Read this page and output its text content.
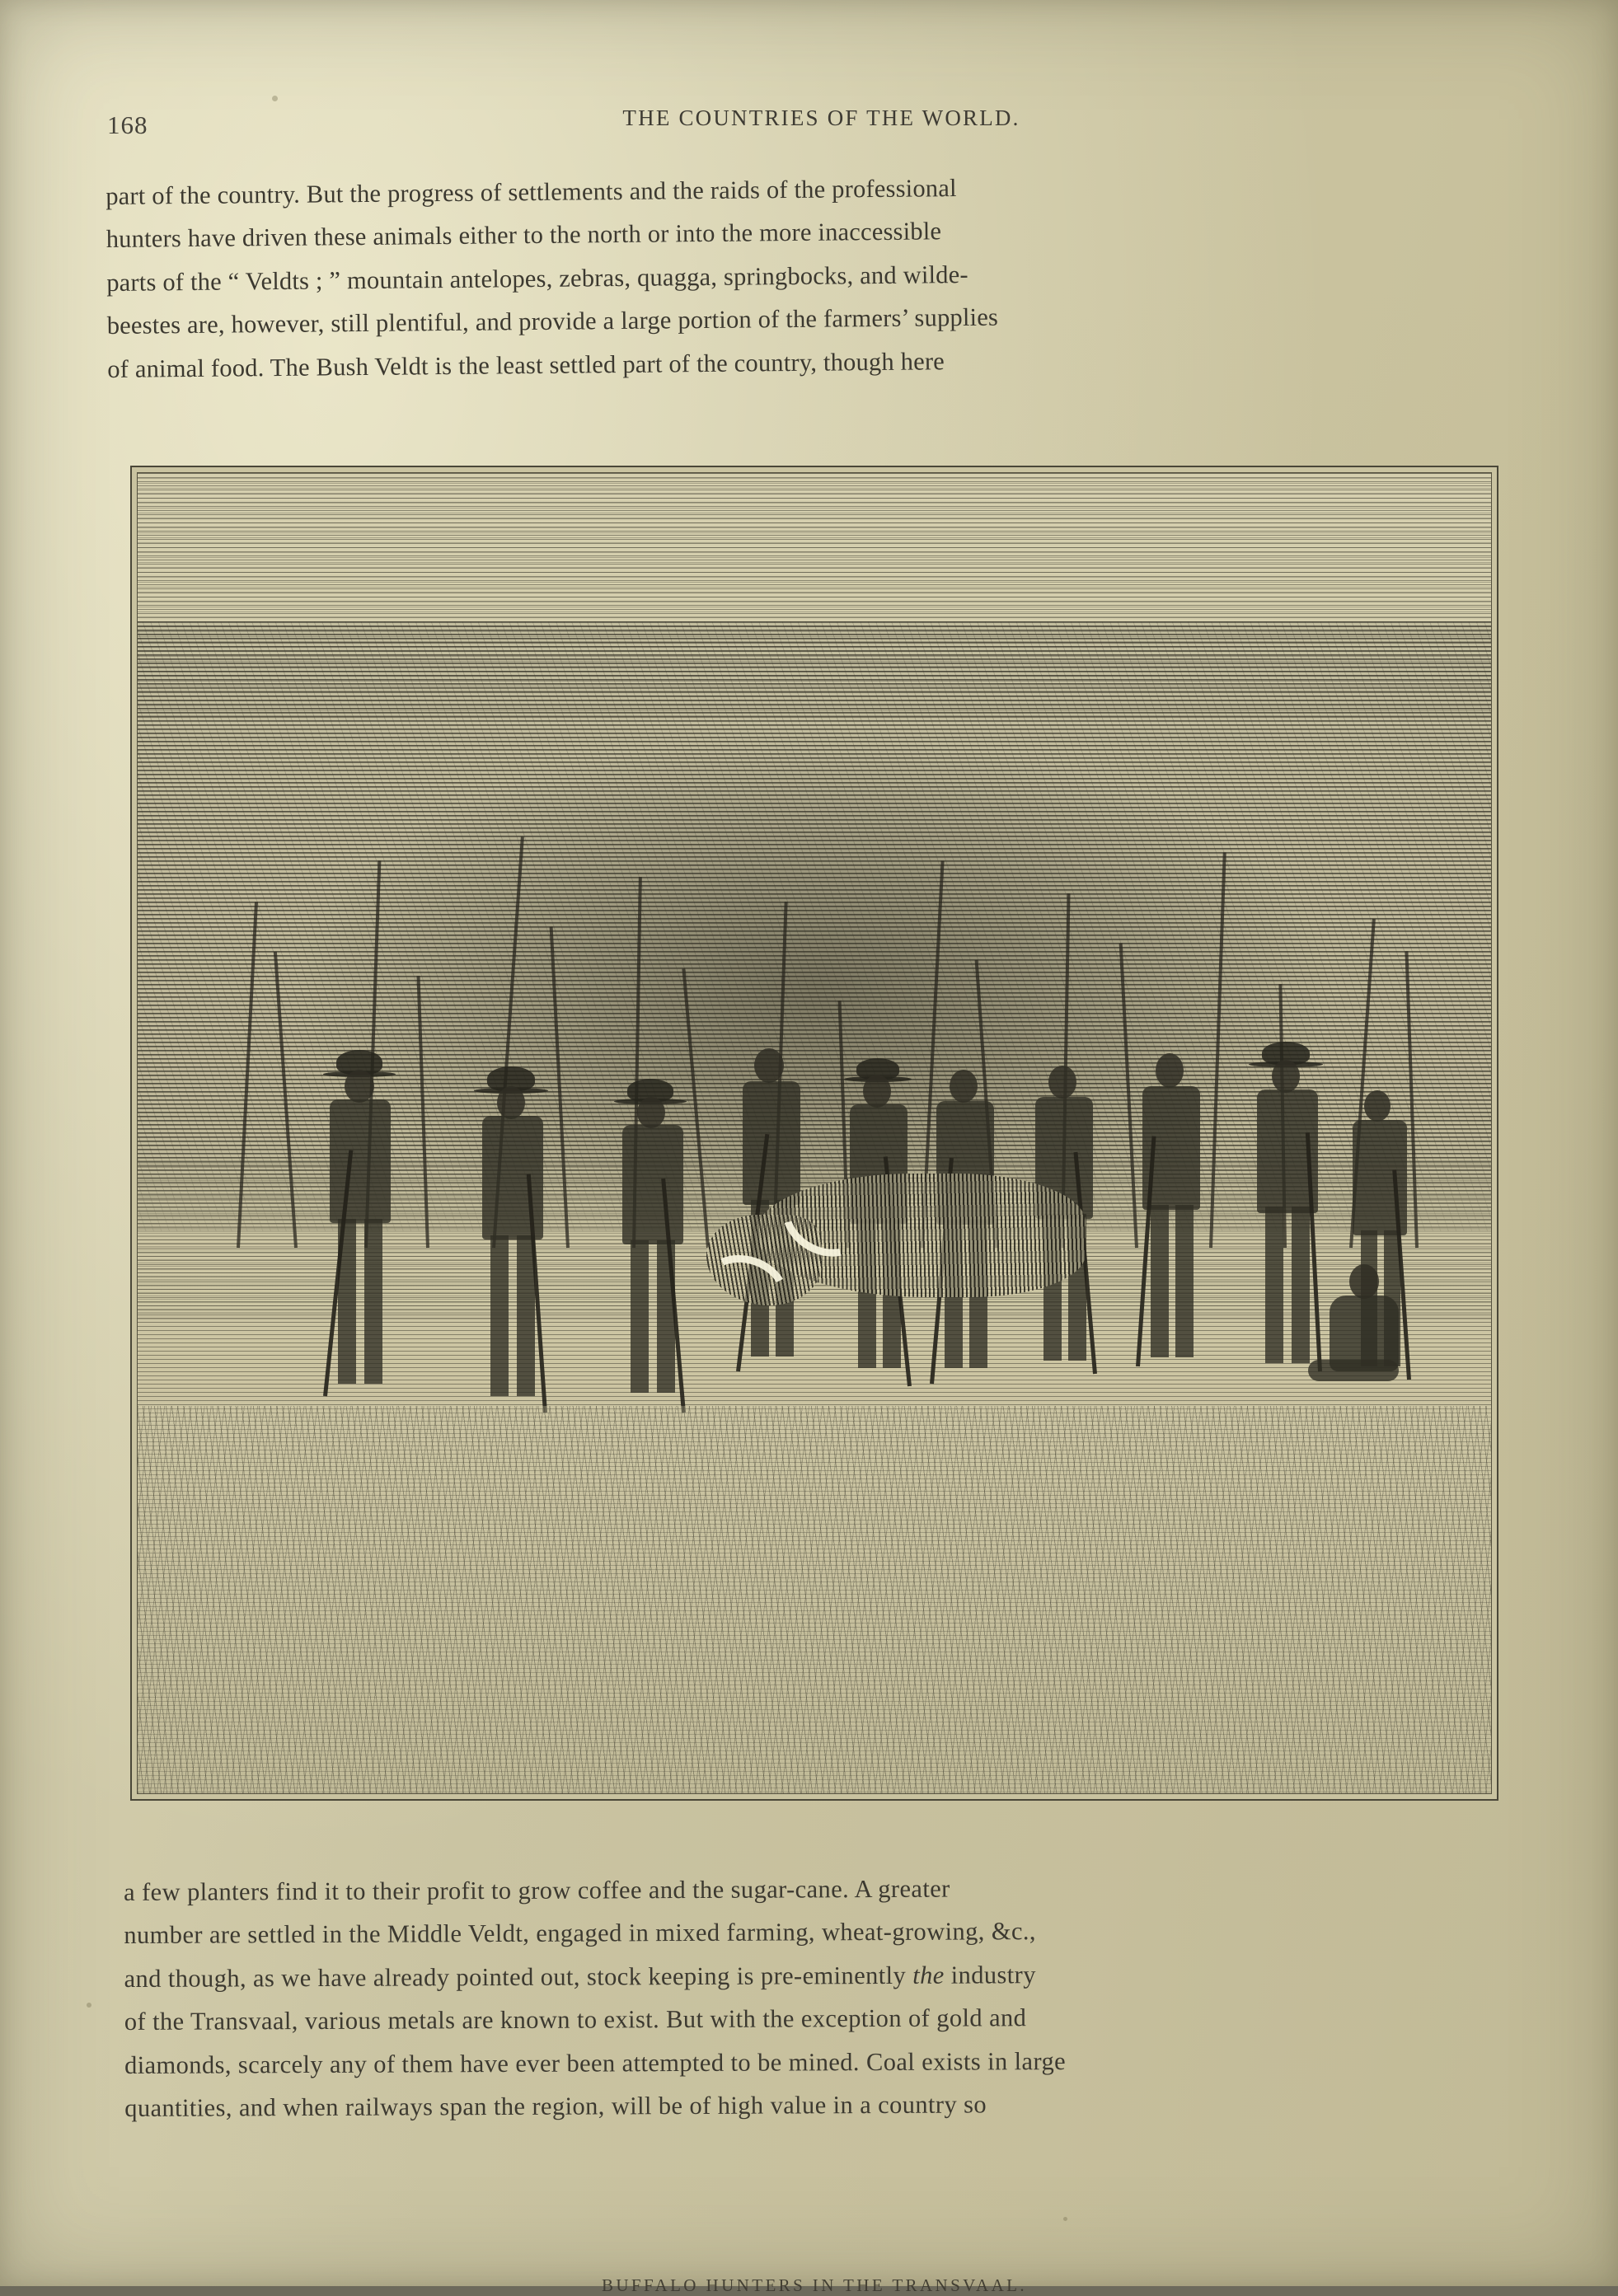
168	THE COUNTRIES OF THE WORLD.

part of the country. But the progress of settlements and the raids of the professional
hunters have driven these animals either to the north or into the more inaccessible
parts of the “ Veldts ; ” mountain antelopes, zebras, quagga, springbocks, and wilde-
beestes are, however, still plentiful, and provide a large portion of the farmers’ supplies
of animal food. The Bush Veldt is the least settled part of the country, though here

BUFFALO HUNTERS IN THE TRANSVAAL.

a few planters find it to their profit to grow coffee and the sugar-cane. A greater
number are settled in the Middle Veldt, engaged in mixed farming, wheat-growing, &c.,
and though, as we have already pointed out, stock keeping is pre-eminently the industry
of the Transvaal, various metals are known to exist. But with the exception of gold and
diamonds, scarcely any of them have ever been attempted to be mined. Coal exists in large
quantities, and when railways span the region, will be of high value in a country so
